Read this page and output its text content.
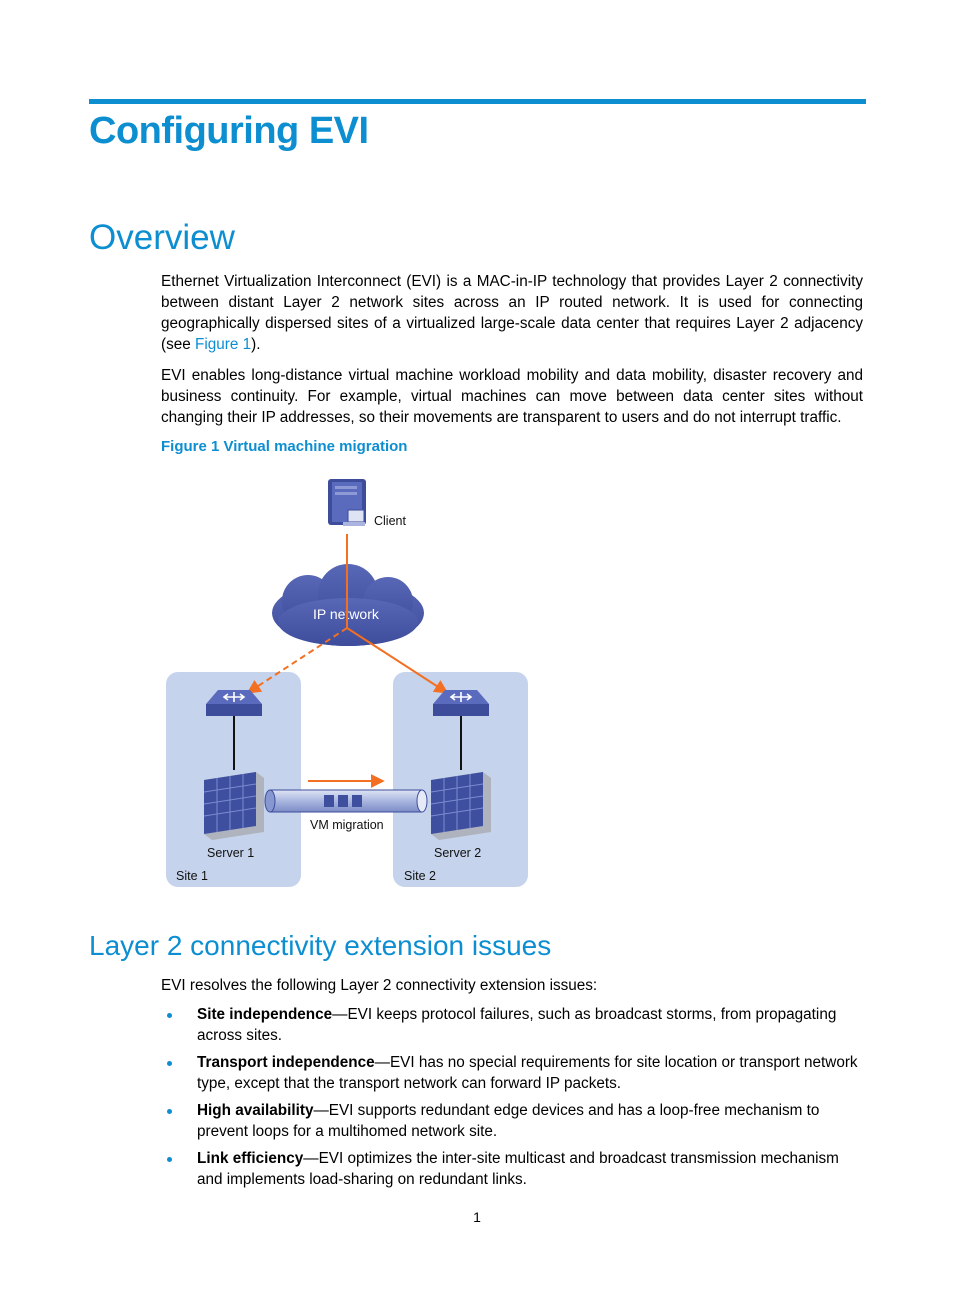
Configuring EVI
Overview

Ethernet Virtualization Interconnect (EVI) is a MAC-in-IP technology that provides Layer 2 connectivity between distant Layer 2 network sites across an IP routed network. It is used for connecting geographically dispersed sites of a virtualized large-scale data center that requires Layer 2 adjacency (see Figure 1).

EVI enables long-distance virtual machine workload mobility and data mobility, disaster recovery and business continuity. For example, virtual machines can move between data center sites without changing their IP addresses, so their movements are transparent to users and do not interrupt traffic.

Figure 1 Virtual machine migration

Client
IP network
VM migration
Server 1	Server 2
Site 1	Site 2
Layer 2 connectivity extension issues

EVI resolves the following Layer 2 connectivity extension issues:

Site independence—EVI keeps protocol failures, such as broadcast storms, from propagating across sites.
Transport independence—EVI has no special requirements for site location or transport network type, except that the transport network can forward IP packets.
High availability—EVI supports redundant edge devices and has a loop-free mechanism to prevent loops for a multihomed network site.
Link efficiency—EVI optimizes the inter-site multicast and broadcast transmission mechanism and implements load-sharing on redundant links.

1
